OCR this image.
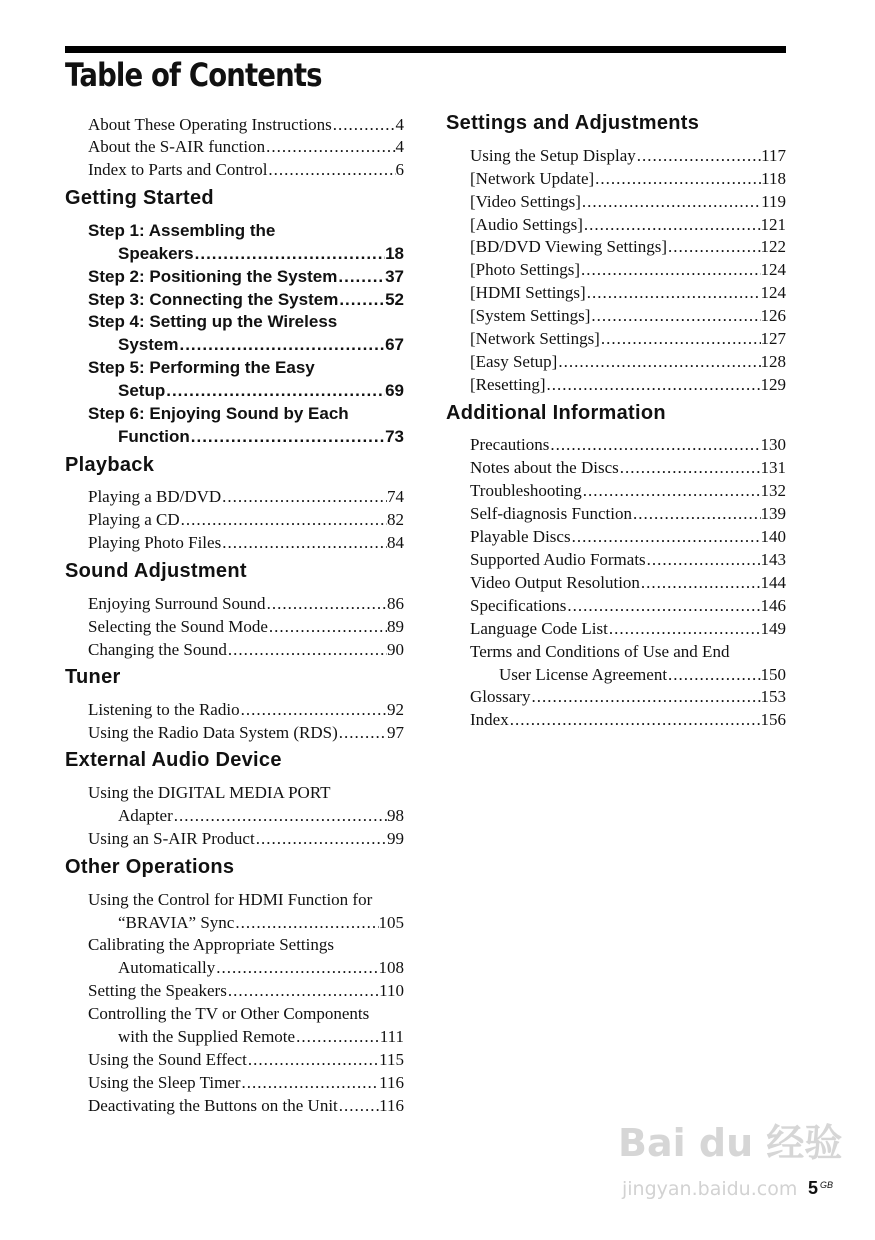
Table of Contents
About These Operating Instructions .....	4
About the S-AIR function .....	4
Index to Parts and Control .....	6
Getting Started
Step 1: Assembling the
Speakers .....	18
Step 2: Positioning the System .....	37
Step 3: Connecting the System .....	52
Step 4: Setting up the Wireless
System .....	67
Step 5: Performing the Easy
Setup .....	69
Step 6: Enjoying Sound by Each
Function .....	73
Playback
Playing a BD/DVD .....	74
Playing a CD .....	82
Playing Photo Files .....	84
Sound Adjustment
Enjoying Surround Sound .....	86
Selecting the Sound Mode .....	89
Changing the Sound .....	90
Tuner
Listening to the Radio .....	92
Using the Radio Data System (RDS) .....	97
External Audio Device
Using the DIGITAL MEDIA PORT
Adapter .....	98
Using an S-AIR Product .....	99
Other Operations
Using the Control for HDMI Function for
“BRAVIA” Sync .....	105
Calibrating the Appropriate Settings
Automatically .....	108
Setting the Speakers .....	110
Controlling the TV or Other Components
with the Supplied Remote .....	111
Using the Sound Effect .....	115
Using the Sleep Timer .....	116
Deactivating the Buttons on the Unit ..... 116
Settings and Adjustments
Using the Setup Display .....	117
[Network Update] .....	118
[Video Settings] .....	119
[Audio Settings] .....	121
[BD/DVD Viewing Settings] .....	122
[Photo Settings] .....	124
[HDMI Settings] .....	124
[System Settings] .....	126
[Network Settings] .....	127
[Easy Setup] .....	128
[Resetting] .....	129
Additional Information
Precautions .....	130
Notes about the Discs .....	131
Troubleshooting .....	132
Self-diagnosis Function .....	139
Playable Discs .....	140
Supported Audio Formats .....	143
Video Output Resolution .....	144
Specifications .....	146
Language Code List .....	149
Terms and Conditions of Use and End
User License Agreement .....	150
Glossary .....	153
Index .....	156
Bai du 经验
jingyan.baidu.com 5 GB
